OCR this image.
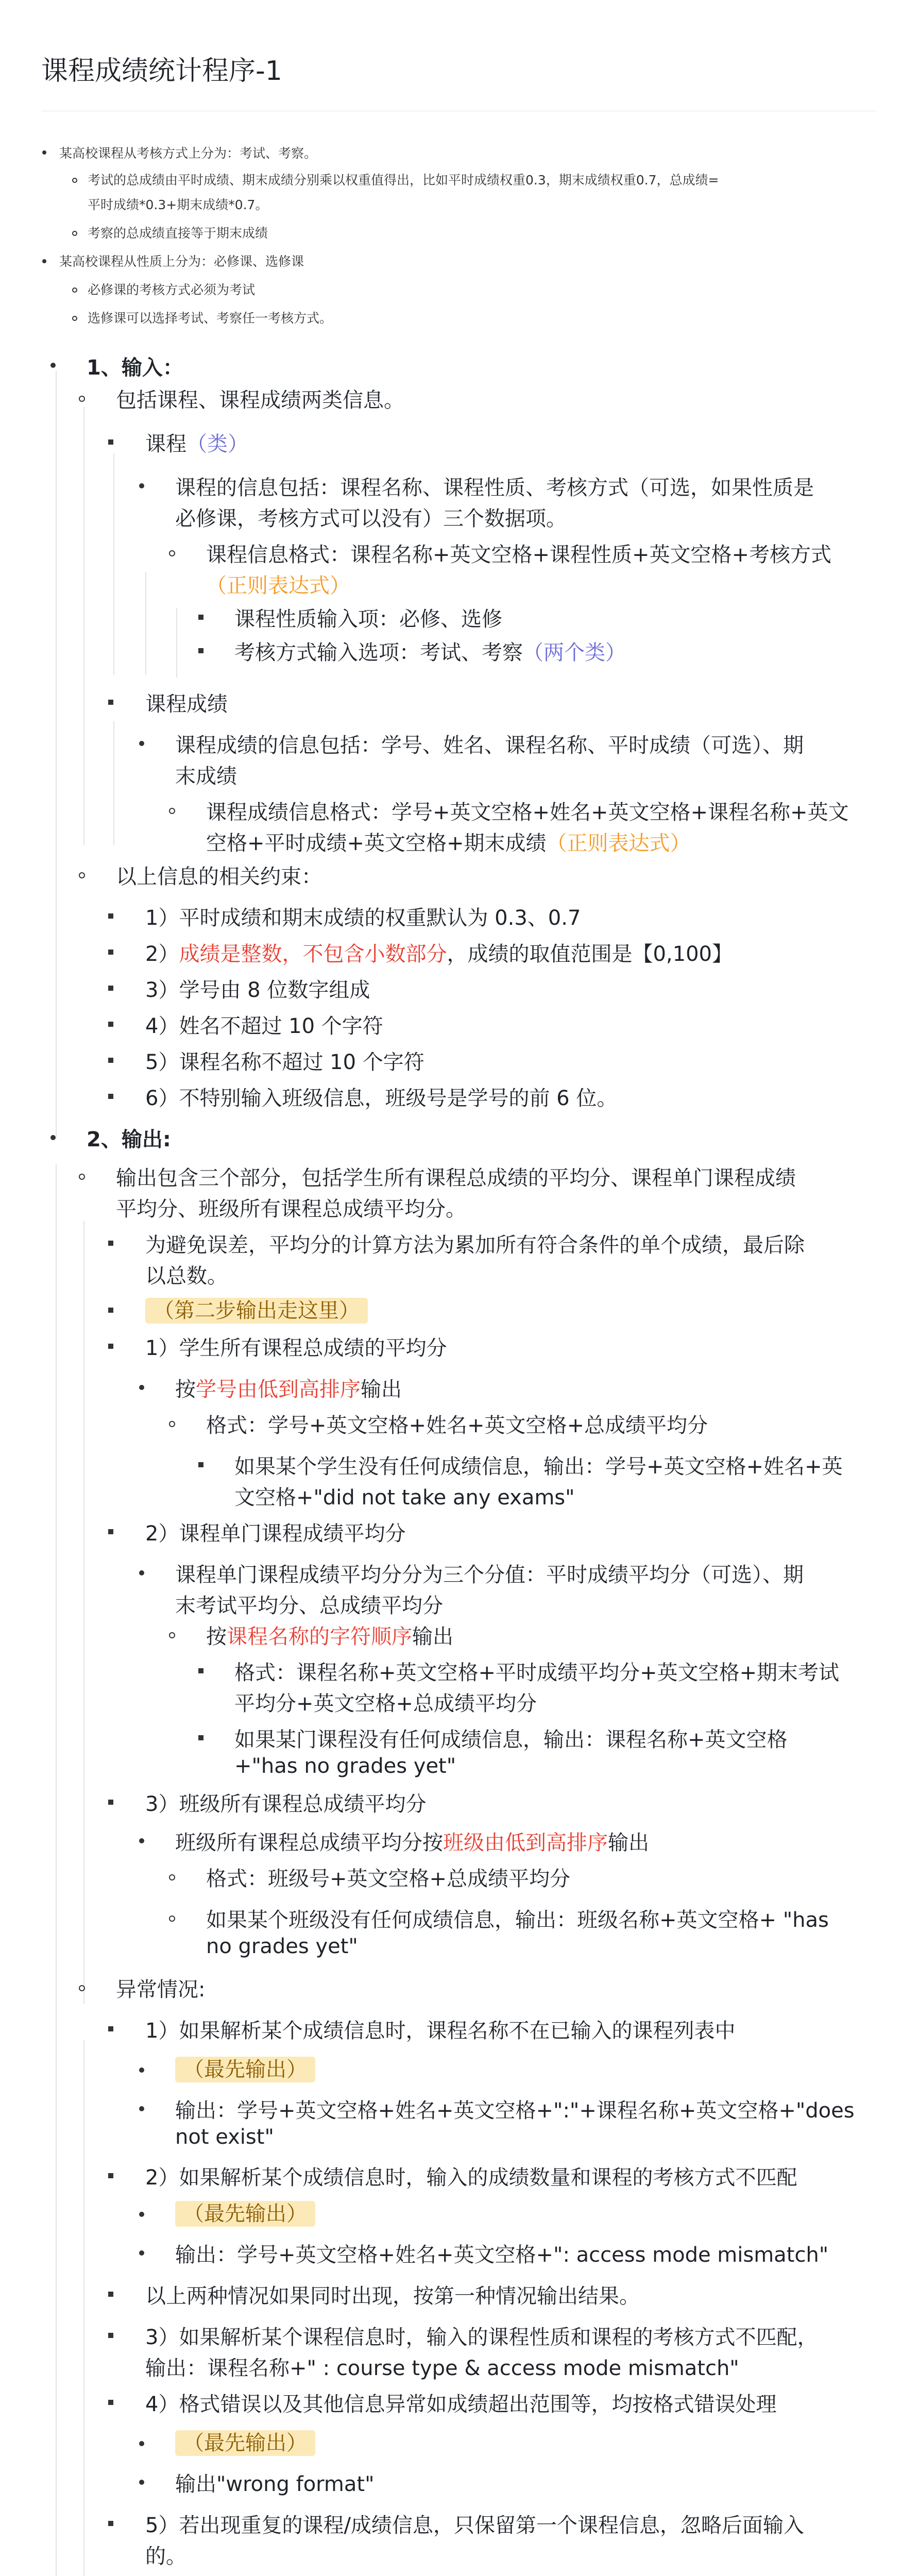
课程成绩统计程序-1
某高校课程从考核方式上分为：考试、考察。
考试的总成绩由平时成绩、期末成绩分别乘以权重值得出，比如平时成绩权重0.3，期末成绩权重0.7，总成绩=
平时成绩*0.3+期末成绩*0.7。
考察的总成绩直接等于期末成绩
某高校课程从性质上分为：必修课、选修课
必修课的考核方式必须为考试
选修课可以选择考试、考察任一考核方式。
1、输入：
包括课程、课程成绩两类信息。
课程（类）
课程的信息包括：课程名称、课程性质、考核方式（可选，如果性质是
必修课，考核方式可以没有）三个数据项。
课程信息格式：课程名称+英文空格+课程性质+英文空格+考核方式
（正则表达式）
课程性质输入项：必修、选修
考核方式输入选项：考试、考察（两个类）
课程成绩
课程成绩的信息包括：学号、姓名、课程名称、平时成绩（可选）、期
末成绩
课程成绩信息格式：学号+英文空格+姓名+英文空格+课程名称+英文
空格+平时成绩+英文空格+期末成绩（正则表达式）
以上信息的相关约束：
1）平时成绩和期末成绩的权重默认为 0.3、0.7
2）成绩是整数，不包含小数部分，成绩的取值范围是【0,100】
3）学号由 8 位数字组成
4）姓名不超过 10 个字符
5）课程名称不超过 10 个字符
6）不特别输入班级信息，班级号是学号的前 6 位。
2、输出:
输出包含三个部分，包括学生所有课程总成绩的平均分、课程单门课程成绩
平均分、班级所有课程总成绩平均分。
为避免误差，平均分的计算方法为累加所有符合条件的单个成绩，最后除
以总数。
（第二步输出走这里）
1）学生所有课程总成绩的平均分
按学号由低到高排序输出
格式：学号+英文空格+姓名+英文空格+总成绩平均分
如果某个学生没有任何成绩信息，输出：学号+英文空格+姓名+英
文空格+"did not take any exams"
2）课程单门课程成绩平均分
课程单门课程成绩平均分分为三个分值：平时成绩平均分（可选）、期
末考试平均分、总成绩平均分
按课程名称的字符顺序输出
格式：课程名称+英文空格+平时成绩平均分+英文空格+期末考试
平均分+英文空格+总成绩平均分
如果某门课程没有任何成绩信息，输出：课程名称+英文空格
+"has no grades yet"
3）班级所有课程总成绩平均分
班级所有课程总成绩平均分按班级由低到高排序输出
格式：班级号+英文空格+总成绩平均分
如果某个班级没有任何成绩信息，输出：班级名称+英文空格+ "has
no grades yet"
异常情况:
1）如果解析某个成绩信息时，课程名称不在已输入的课程列表中
（最先输出）
输出：学号+英文空格+姓名+英文空格+":"+课程名称+英文空格+"does
not exist"
2）如果解析某个成绩信息时，输入的成绩数量和课程的考核方式不匹配
（最先输出）
输出：学号+英文空格+姓名+英文空格+": access mode mismatch"
以上两种情况如果同时出现，按第一种情况输出结果。
3）如果解析某个课程信息时，输入的课程性质和课程的考核方式不匹配，
输出：课程名称+" : course type & access mode mismatch"
4）格式错误以及其他信息异常如成绩超出范围等，均按格式错误处理
（最先输出）
输出"wrong format"
5）若出现重复的课程/成绩信息，只保留第一个课程信息，忽略后面输入
的。
